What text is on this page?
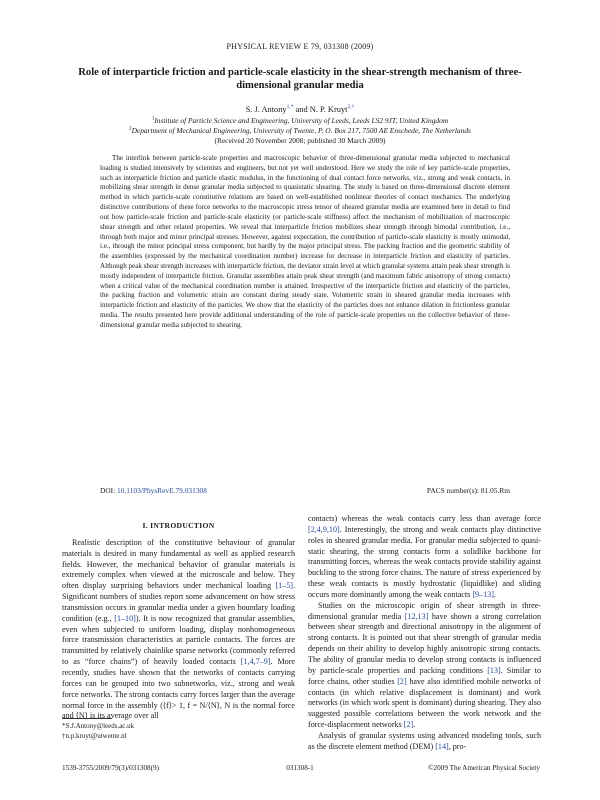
PHYSICAL REVIEW E 79, 031308 (2009)
Role of interparticle friction and particle-scale elasticity in the shear-strength mechanism of three-dimensional granular media
S. J. Antony$^{1,*}$ and N. P. Kruyt$^{2,\dagger}$
$^1$Institute of Particle Science and Engineering, University of Leeds, Leeds LS2 9JT, United Kingdom
$^2$Department of Mechanical Engineering, University of Twente, P. O. Box 217, 7500 AE Enschede, The Netherlands
(Received 20 November 2008; published 30 March 2009)
The interlink between particle-scale properties and macroscopic behavior of three-dimensional granular media subjected to mechanical loading is studied intensively by scientists and engineers, but not yet well understood. Here we study the role of key particle-scale properties, such as interparticle friction and particle elastic modulus, in the functioning of dual contact force networks, viz., strong and weak contacts, in mobilizing shear strength in dense granular media subjected to quasistatic shearing. The study is based on three-dimensional discrete element method in which particle-scale constitutive relations are based on well-established nonlinear theories of contact mechanics. The underlying distinctive contributions of these force networks to the macroscopic stress tensor of sheared granular media are examined here in detail to find out how particle-scale friction and particle-scale elasticity (or particle-scale stiffness) affect the mechanism of mobilization of macroscopic shear strength and other related properties. We reveal that interparticle friction mobilizes shear strength through bimodal contribution, i.e., through both major and minor principal stresses. However, against expectation, the contribution of particle-scale elasticity is mostly unimodal, i.e., through the minor principal stress component, but hardly by the major principal stress. The packing fraction and the geometric stability of the assemblies (expressed by the mechanical coordination number) increase for decrease in interparticle friction and elasticity of particles. Although peak shear strength increases with interparticle friction, the deviator strain level at which granular systems attain peak shear strength is mostly independent of interparticle friction. Granular assemblies attain peak shear strength (and maximum fabric anisotropy of strong contacts) when a critical value of the mechanical coordination number is attained. Irrespective of the interparticle friction and elasticity of the particles, the packing fraction and volumetric strain are constant during steady state. Volumetric strain in sheared granular media increases with interparticle friction and elasticity of the particles. We show that the elasticity of the particles does not enhance dilation in frictionless granular media. The results presented here provide additional understanding of the role of particle-scale properties on the collective behavior of three-dimensional granular media subjected to shearing.
DOI: 10.1103/PhysRevE.79.031308	PACS number(s): 81.05.Rm
I. INTRODUCTION

Realistic description of the constitutive behaviour of granular materials is desired in many fundamental as well as applied research fields. However, the mechanical behavior of granular materials is extremely complex when viewed at the microscale and below. They often display surprising behaviors under mechanical loading [1–5]. Significant numbers of studies report some advancement on how stress transmission occurs in granular media under a given boundary loading condition (e.g., [1–10]). It is now recognized that granular assemblies, even when subjected to uniform loading, display nonhomogeneous force transmission characteristics at particle contacts. The forces are transmitted by relatively chainlike sparse networks (commonly referred to as “force chains”) of heavily loaded contacts [1,4,7–9]. More recently, studies have shown that the networks of contacts carrying forces can be grouped into two subnetworks, viz., strong and weak force networks. The strong contacts carry forces larger than the average normal force in the assembly (⟨f⟩> 1, f = N/⟨N⟩, N is the normal force and ⟨N⟩ is its average over all

contacts) whereas the weak contacts carry less than average force [2,4,9,10]. Interestingly, the strong and weak contacts play distinctive roles in sheared granular media. For granular media subjected to quasi-static shearing, the strong contacts form a solidlike backbone for transmitting forces, whereas the weak contacts provide stability against buckling to the strong force chains. The nature of stress experienced by these weak contacts is mostly hydrostatic (liquidlike) and sliding occurs more dominantly among the weak contacts [9–13].

Studies on the microscopic origin of shear strength in three-dimensional granular media [12,13] have shown a strong correlation between shear strength and directional anisotropy in the alignment of strong contacts. It is pointed out that shear strength of granular media depends on their ability to develop highly anisotropic strong contacts. The ability of granular media to develop strong contacts is influenced by particle-scale properties and packing conditions [13]. Similar to force chains, other studies [2] have also identified mobile networks of contacts (in which relative displacement is dominant) and work networks (in which work spent is dominant) during shearing. They also suggested possible correlations between the work network and the force-displacement networks [2].

Analysis of granular systems using advanced modeling tools, such as the discrete element method (DEM) [14], pro-

*S.J.Antony@leeds.ac.uk
†n.p.kruyt@utwente.nl
1539-3755/2009/79(3)/031308(9)	031308-1	©2009 The American Physical Society
